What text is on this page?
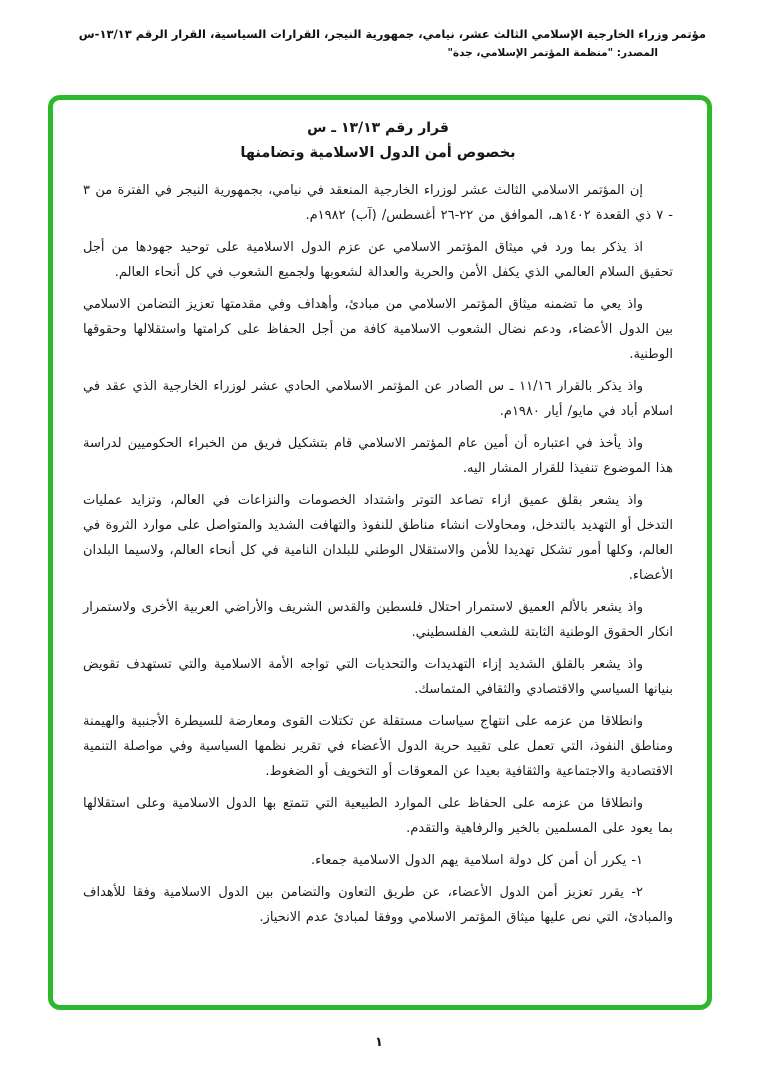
مؤتمر وزراء الخارجية الإسلامي الثالث عشر، نيامي، جمهورية النيجر، القرارات السياسية، القرار الرقم ١٣/١٣-س
المصدر: "منظمة المؤتمر الإسلامي، جدة"
قرار رقم ١٣/١٣ ـ س
بخصوص أمن الدول الاسلامية وتضامنها

إن المؤتمر الاسلامي الثالث عشر لوزراء الخارجية المنعقد في نيامي، بجمهورية النيجر في الفترة من ٣ - ٧ ذي القعدة ١٤٠٢هـ، الموافق من ٢٢-٢٦ أغسطس/ (آب) ١٩٨٢م.

اذ يذكر بما ورد في ميثاق المؤتمر الاسلامي عن عزم الدول الاسلامية على توحيد جهودها من أجل تحقيق السلام العالمي الذي يكفل الأمن والحرية والعدالة لشعوبها ولجميع الشعوب في كل أنحاء العالم.

واذ يعي ما تضمنه ميثاق المؤتمر الاسلامي من مبادئ، وأهداف وفي مقدمتها تعزيز التضامن الاسلامي بين الدول الأعضاء، ودعم نضال الشعوب الاسلامية كافة من أجل الحفاظ على كرامتها واستقلالها وحقوقها الوطنية.

واذ يذكر بالقرار ١١/١٦ ـ س الصادر عن المؤتمر الاسلامي الحادي عشر لوزراء الخارجية الذي عقد في اسلام أباد في مايو/ أيار ١٩٨٠م.

واذ يأخذ في اعتباره أن أمين عام المؤتمر الاسلامي قام بتشكيل فريق من الخبراء الحكوميين لدراسة هذا الموضوع تنفيذا للقرار المشار اليه.

واذ يشعر بقلق عميق ازاء تصاعد التوتر واشتداد الخصومات والنزاعات في العالم، وتزايد عمليات التدخل أو التهديد بالتدخل، ومحاولات انشاء مناطق للنفوذ والتهافت الشديد والمتواصل على موارد الثروة في العالم، وكلها أمور تشكل تهديدا للأمن والاستقلال الوطني للبلدان النامية في كل أنحاء العالم، ولاسيما البلدان الأعضاء.

واذ يشعر بالألم العميق لاستمرار احتلال فلسطين والقدس الشريف والأراضي العربية الأخرى ولاستمرار انكار الحقوق الوطنية الثابتة للشعب الفلسطيني.

واذ يشعر بالقلق الشديد إزاء التهديدات والتحديات التي تواجه الأمة الاسلامية والتي تستهدف تقويض بنيانها السياسي والاقتصادي والثقافي المتماسك.

وانطلاقا من عزمه على انتهاج سياسات مستقلة عن تكتلات القوى ومعارضة للسيطرة الأجنبية والهيمنة ومناطق النفوذ، التي تعمل على تقييد حرية الدول الأعضاء في تقرير نظمها السياسية وفي مواصلة التنمية الاقتصادية والاجتماعية والثقافية بعيدا عن المعوقات أو التخويف أو الضغوط.

وانطلاقا من عزمه على الحفاظ على الموارد الطبيعية التي تتمتع بها الدول الاسلامية وعلى استقلالها بما يعود على المسلمين بالخير والرفاهية والتقدم.

١- يكرر أن أمن كل دولة اسلامية يهم الدول الاسلامية جمعاء.

٢- يقرر تعزيز أمن الدول الأعضاء، عن طريق التعاون والتضامن بين الدول الاسلامية وفقا للأهداف والمبادئ، التي نص عليها ميثاق المؤتمر الاسلامي ووفقا لمبادئ عدم الانحياز.

١
